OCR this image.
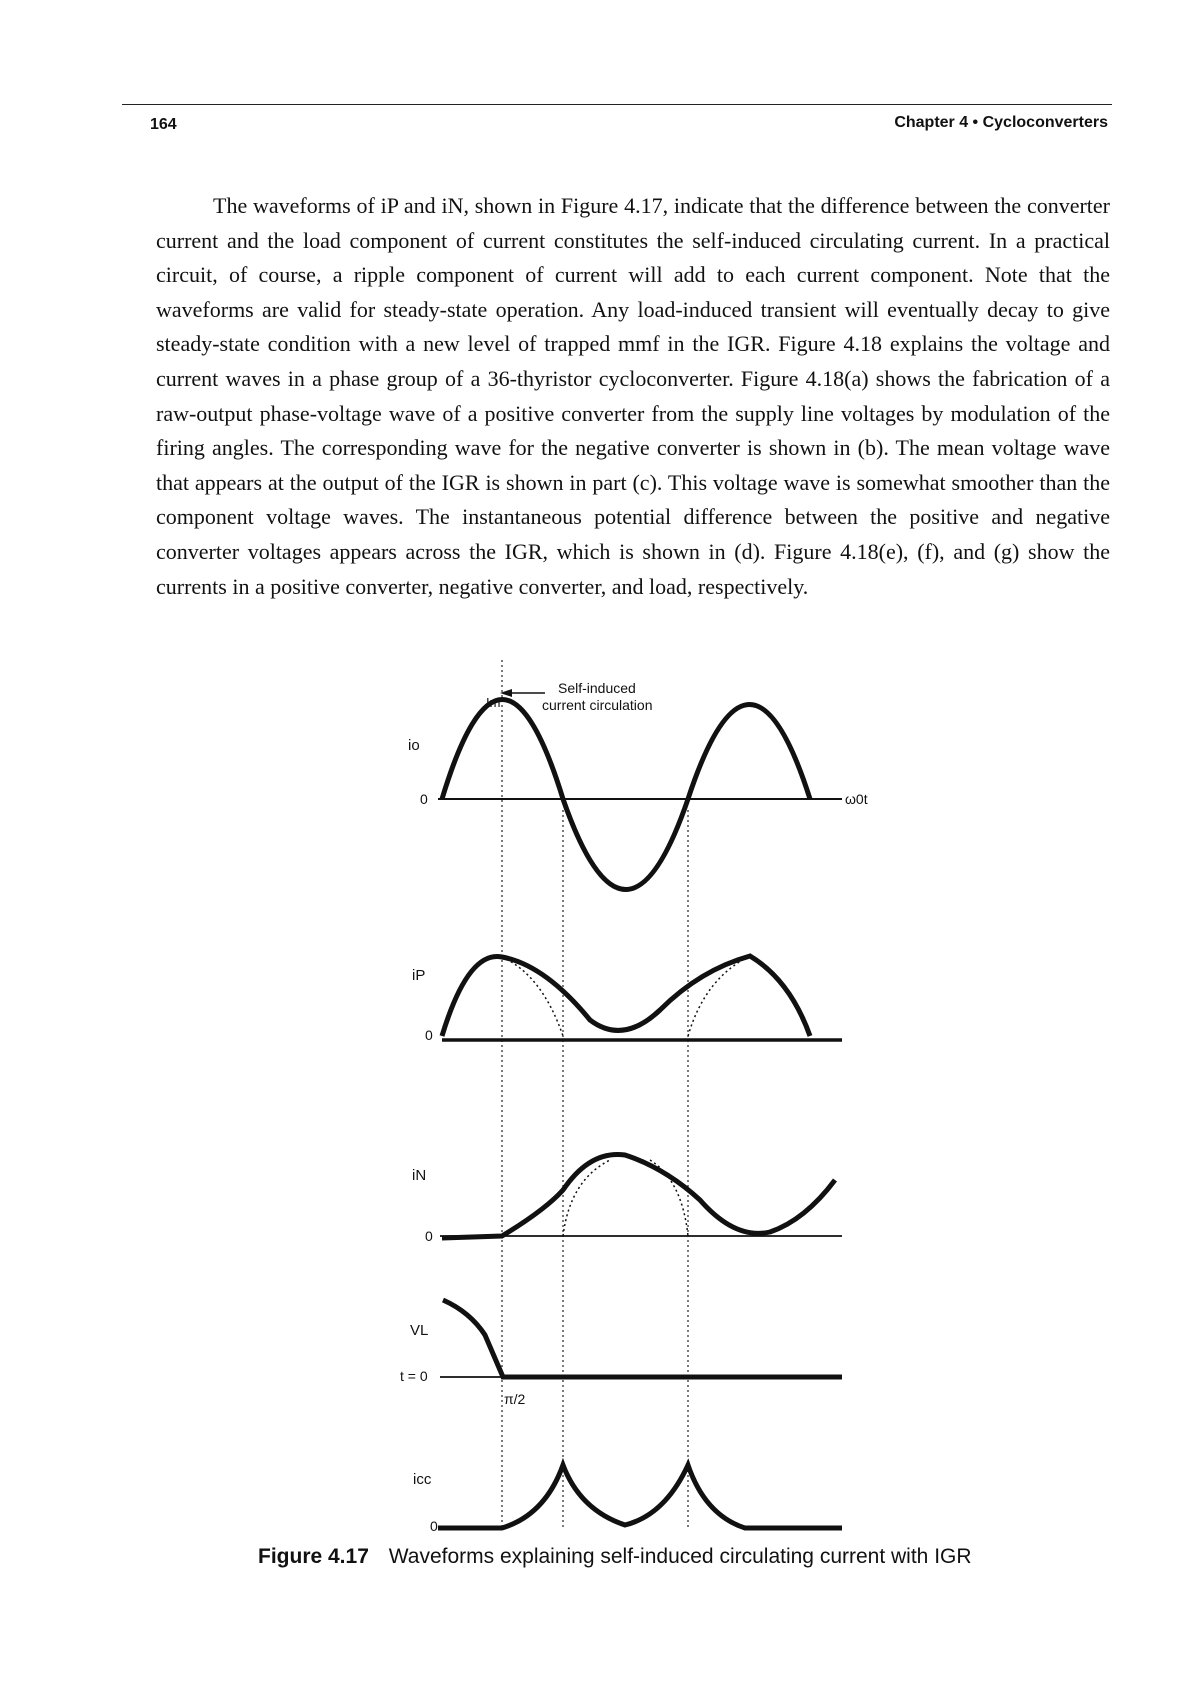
164	Chapter 4 • Cycloconverters

The waveforms of iP and iN, shown in Figure 4.17, indicate that the difference between the converter current and the load component of current constitutes the self-induced circulating current. In a practical circuit, of course, a ripple component of current will add to each current component. Note that the waveforms are valid for steady-state operation. Any load-induced transient will eventually decay to give steady-state condition with a new level of trapped mmf in the IGR. Figure 4.18 explains the voltage and current waves in a phase group of a 36-thyristor cycloconverter. Figure 4.18(a) shows the fabrication of a raw-output phase-voltage wave of a positive converter from the supply line voltages by modulation of the firing angles. The corresponding wave for the negative converter is shown in (b). The mean voltage wave that appears at the output of the IGR is shown in part (c). This voltage wave is somewhat smoother than the component voltage waves. The instantaneous potential difference between the positive and negative converter voltages appears across the IGR, which is shown in (d). Figure 4.18(e), (f), and (g) show the currents in a positive converter, negative converter, and load, respectively.

Self-induced
current circulation
Im
io
0	ω0t
iP
0
iN
0
VL
t = 0
π/2
icc
0
Figure 4.17 Waveforms explaining self-induced circulating current with IGR
